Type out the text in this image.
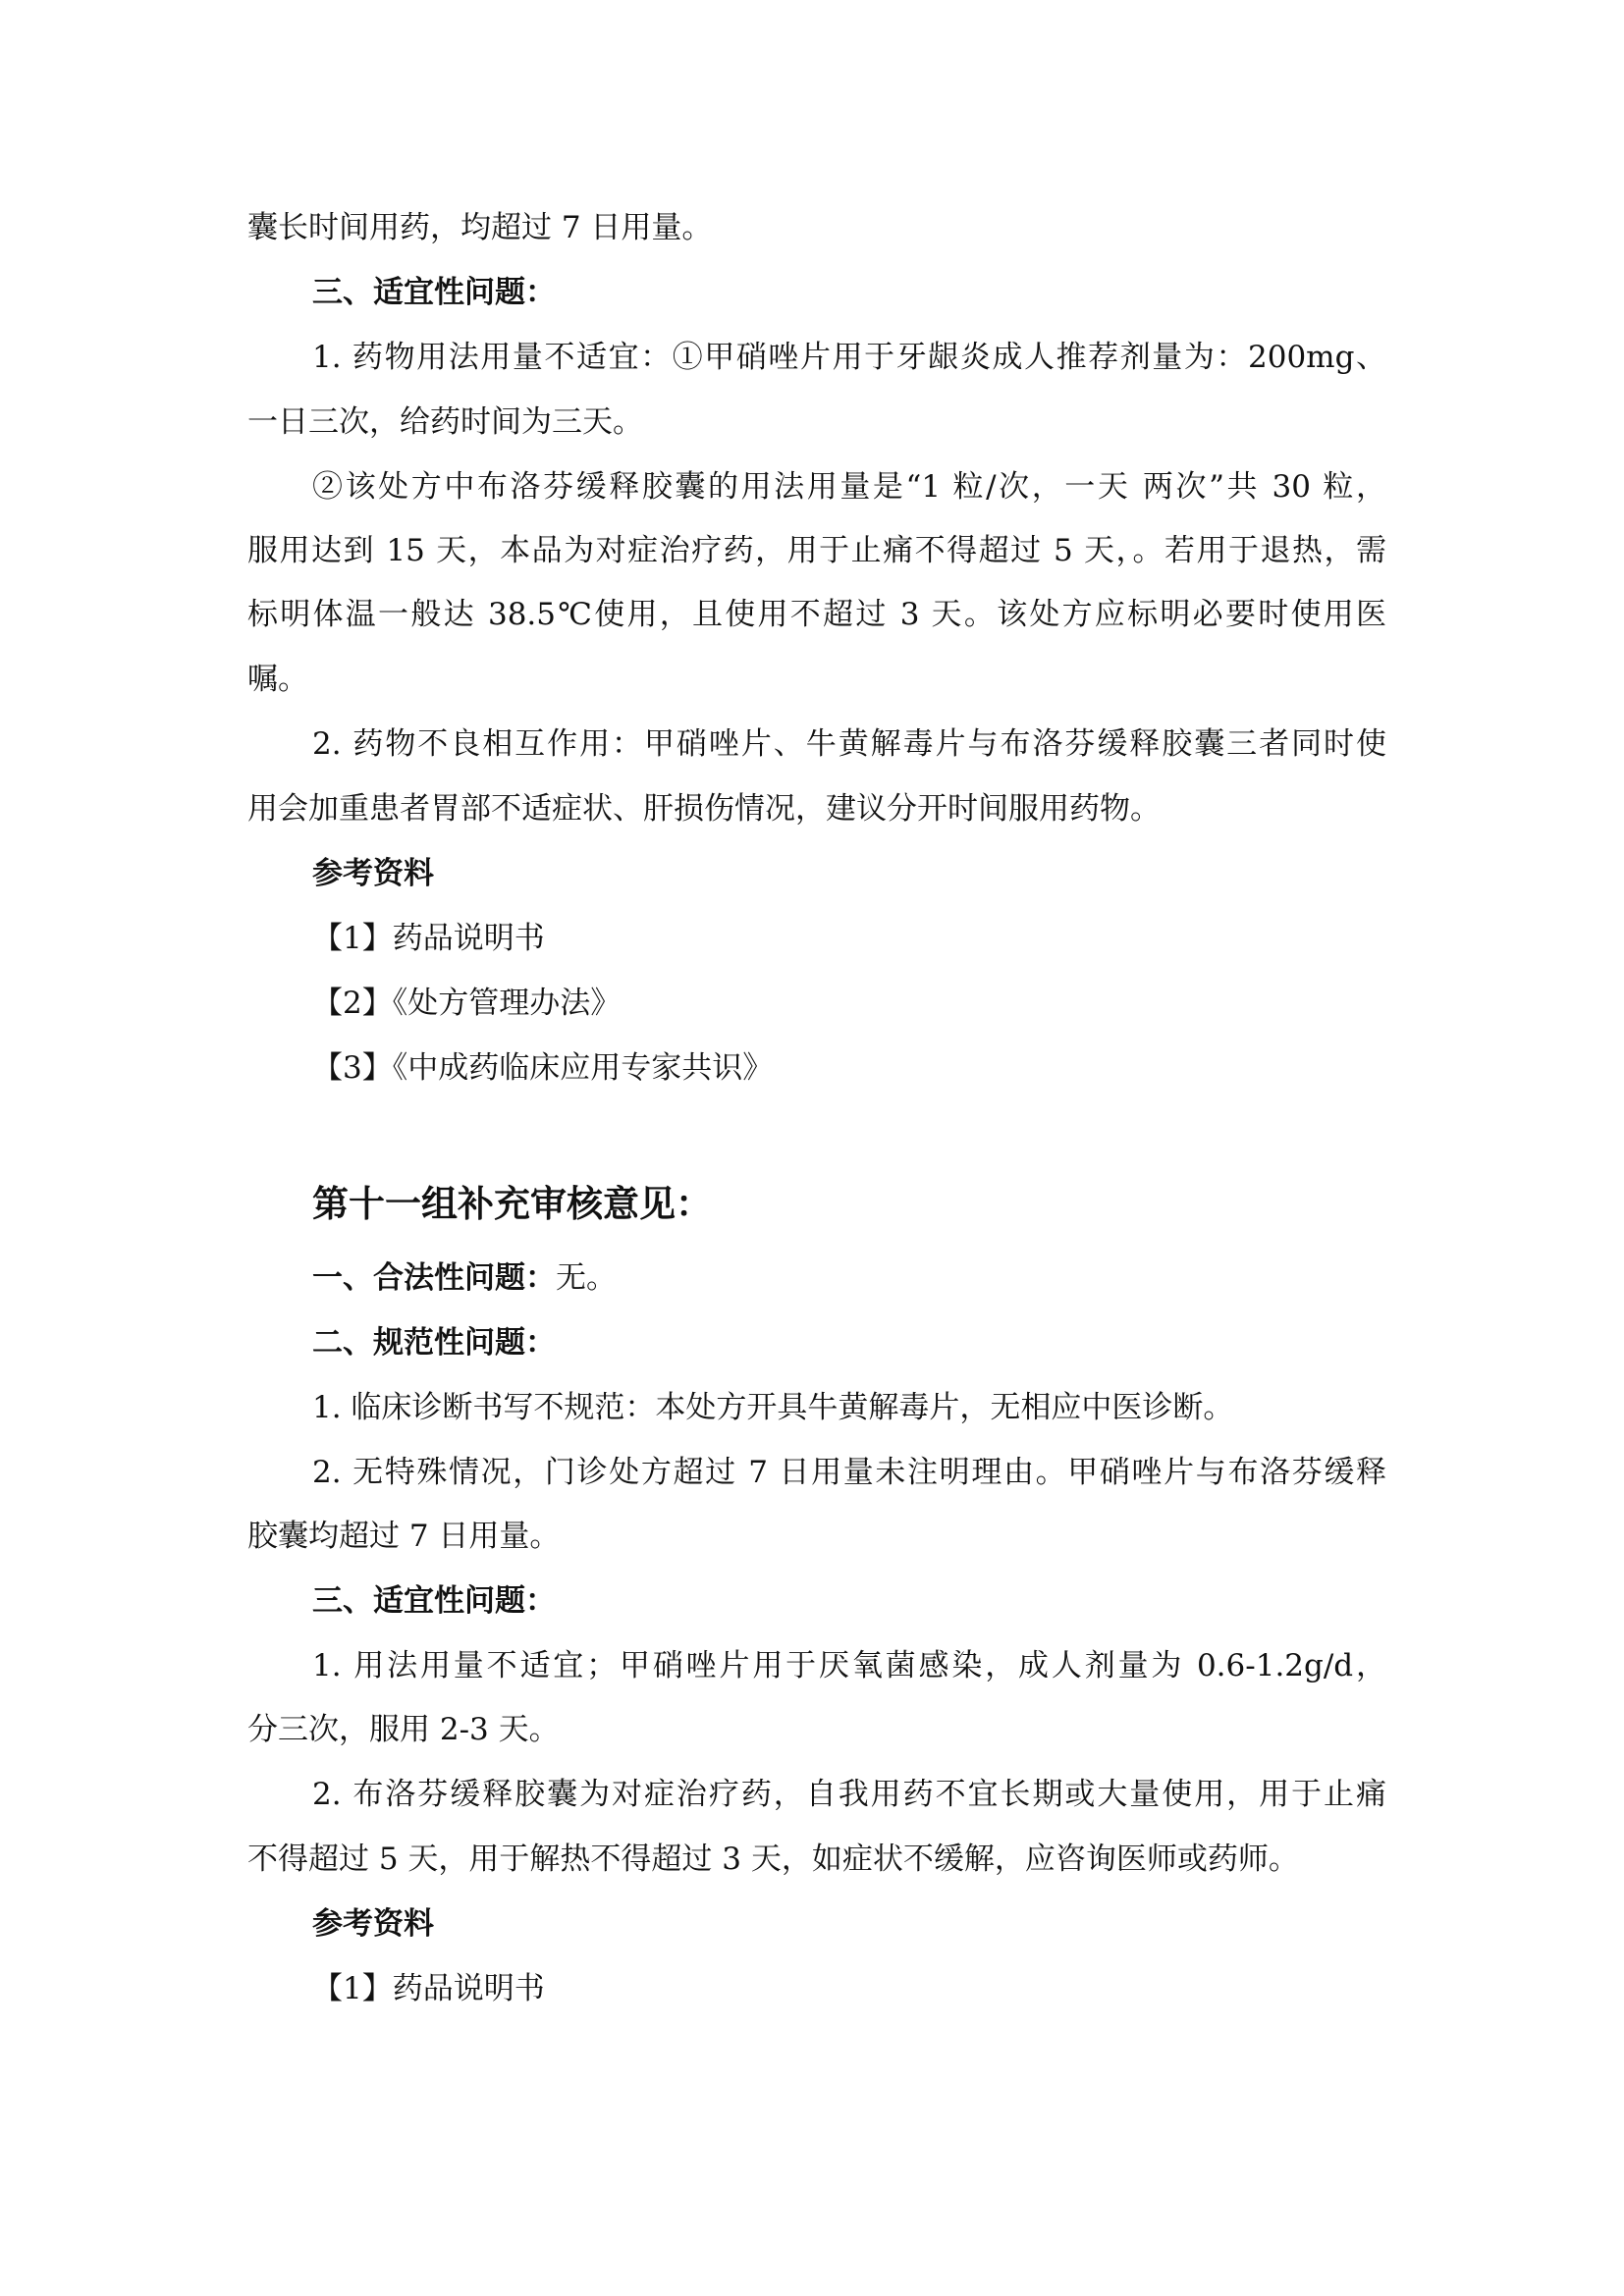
囊长时间用药，均超过 7 日用量。

三、适宜性问题：

1. 药物用法用量不适宜：①甲硝唑片用于牙龈炎成人推荐剂量为：200mg、

一日三次，给药时间为三天。

②该处方中布洛芬缓释胶囊的用法用量是“1 粒/次，一天 两次”共 30 粒，

服用达到 15 天，本品为对症治疗药，用于止痛不得超过 5 天，。若用于退热，需

标明体温一般达 38.5℃使用，且使用不超过 3 天。该处方应标明必要时使用医

嘱。

2. 药物不良相互作用：甲硝唑片、牛黄解毒片与布洛芬缓释胶囊三者同时使

用会加重患者胃部不适症状、肝损伤情况，建议分开时间服用药物。

参考资料

【1】药品说明书

【2】《处方管理办法》

【3】《中成药临床应用专家共识》

第十一组补充审核意见：

一、合法性问题：无。

二、规范性问题：

1. 临床诊断书写不规范：本处方开具牛黄解毒片，无相应中医诊断。

2. 无特殊情况，门诊处方超过 7 日用量未注明理由。甲硝唑片与布洛芬缓释

胶囊均超过 7 日用量。

三、适宜性问题：

1. 用法用量不适宜；甲硝唑片用于厌氧菌感染，成人剂量为 0.6-1.2g/d，

分三次，服用 2-3 天。

2. 布洛芬缓释胶囊为对症治疗药，自我用药不宜长期或大量使用，用于止痛

不得超过 5 天，用于解热不得超过 3 天，如症状不缓解，应咨询医师或药师。

参考资料

【1】药品说明书
